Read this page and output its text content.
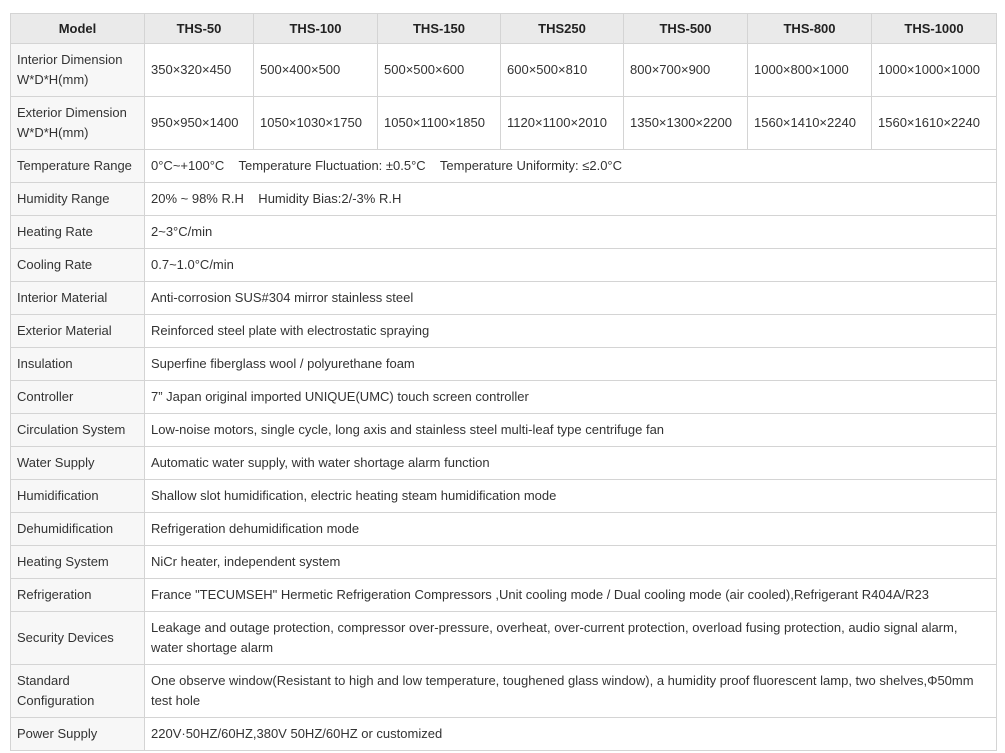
Model	THS-50	THS-100	THS-150	THS250	THS-500	THS-800	THS-1000
Interior Dimension W*D*H(mm)	350×320×450	500×400×500	500×500×600	600×500×810	800×700×900	1000×800×1000	1000×1000×1000
Exterior Dimension W*D*H(mm)	950×950×1400	1050×1030×1750	1050×1100×1850	1120×1100×2010	1350×1300×2200	1560×1410×2240	1560×1610×2240
Temperature Range	0°C~+100°C    Temperature Fluctuation: ±0.5°C    Temperature Uniformity: ≤2.0°C						
Humidity Range	20% ~ 98% R.H    Humidity Bias:2/-3% R.H						
Heating Rate	2~3°C/min						
Cooling Rate	0.7~1.0°C/min						
Interior Material	Anti-corrosion SUS#304 mirror stainless steel						
Exterior Material	Reinforced steel plate with electrostatic spraying						
Insulation	Superfine fiberglass wool / polyurethane foam						
Controller	7” Japan original imported UNIQUE(UMC) touch screen controller						
Circulation System	Low-noise motors, single cycle, long axis and stainless steel multi-leaf type centrifuge fan						
Water Supply	Automatic water supply, with water shortage alarm function						
Humidification	Shallow slot humidification, electric heating steam humidification mode						
Dehumidification	Refrigeration dehumidification mode						
Heating System	NiCr heater, independent system						
Refrigeration	France "TECUMSEH" Hermetic Refrigeration Compressors ,Unit cooling mode / Dual cooling mode (air cooled),Refrigerant R404A/R23						
Security Devices	Leakage and outage protection, compressor over-pressure, overheat, over-current protection, overload fusing protection, audio signal alarm, water shortage alarm						
Standard Configuration	One observe window(Resistant to high and low temperature, toughened glass window), a humidity proof fluorescent lamp, two shelves,Φ50mm test hole						
Power Supply	220V·50HZ/60HZ,380V 50HZ/60HZ or customized						
